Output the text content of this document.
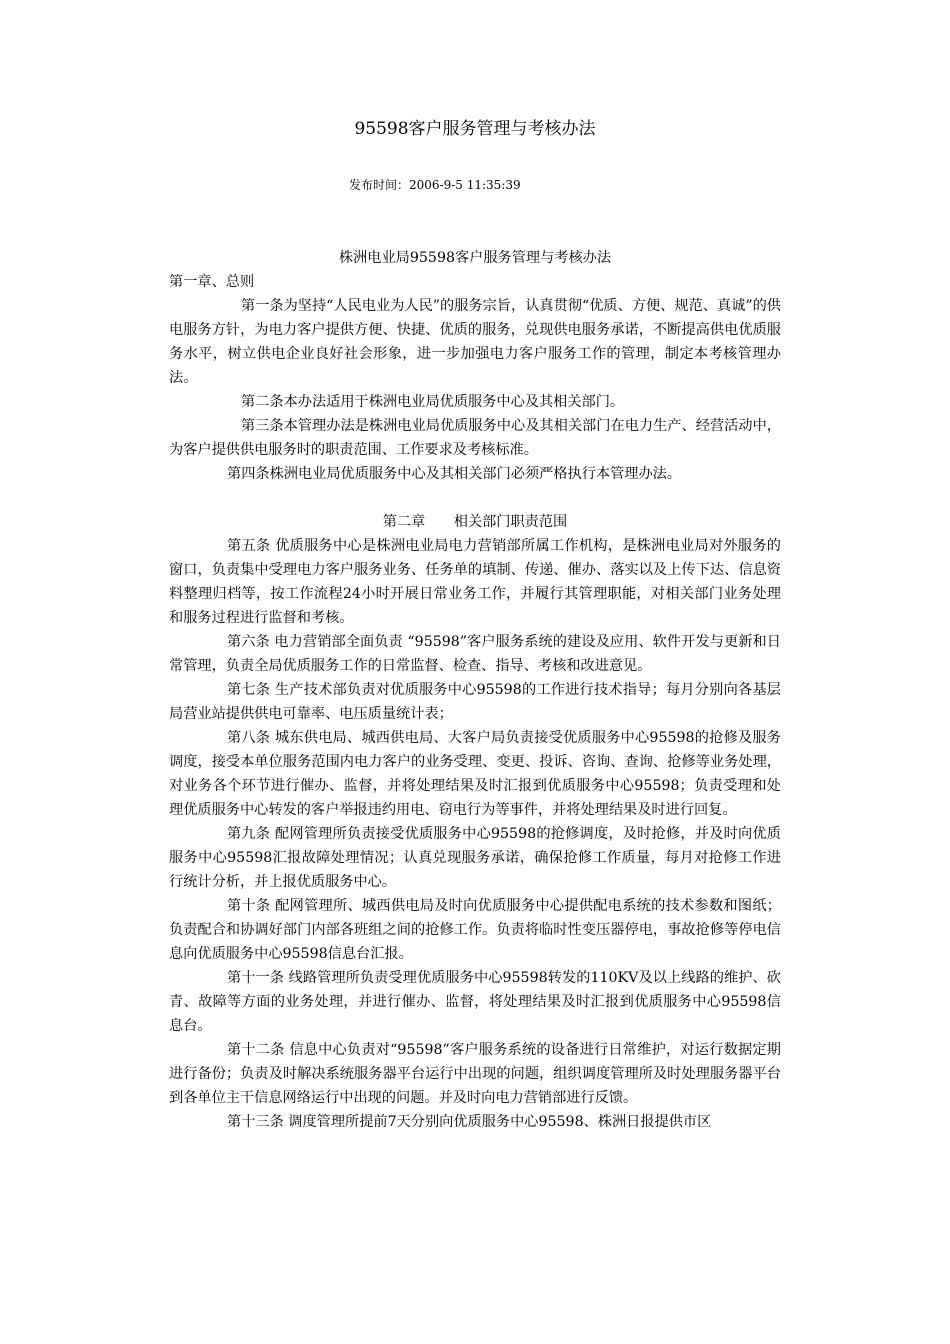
95598客户服务管理与考核办法
发布时间：2006-9-5 11:35:39

株洲电业局95598客户服务管理与考核办法

第一章、总则

第一条为坚持“人民电业为人民”的服务宗旨，认真贯彻“优质、方便、规范、真诚”的供电服务方针，为电力客户提供方便、快捷、优质的服务，兑现供电服务承诺，不断提高供电优质服务水平，树立供电企业良好社会形象，进一步加强电力客户服务工作的管理，制定本考核管理办法。

第二条本办法适用于株洲电业局优质服务中心及其相关部门。

第三条本管理办法是株洲电业局优质服务中心及其相关部门在电力生产、经营活动中，为客户提供供电服务时的职责范围、工作要求及考核标准。

第四条株洲电业局优质服务中心及其相关部门必须严格执行本管理办法。

第二章　　相关部门职责范围

第五条 优质服务中心是株洲电业局电力营销部所属工作机构，是株洲电业局对外服务的窗口，负责集中受理电力客户服务业务、任务单的填制、传递、催办、落实以及上传下达、信息资料整理归档等，按工作流程24小时开展日常业务工作，并履行其管理职能，对相关部门业务处理和服务过程进行监督和考核。

第六条 电力营销部全面负责 “95598”客户服务系统的建设及应用、软件开发与更新和日常管理，负责全局优质服务工作的日常监督、检查、指导、考核和改进意见。

第七条 生产技术部负责对优质服务中心95598的工作进行技术指导；每月分别向各基层局营业站提供供电可靠率、电压质量统计表；

第八条 城东供电局、城西供电局、大客户局负责接受优质服务中心95598的抢修及服务调度，接受本单位服务范围内电力客户的业务受理、变更、投诉、咨询、查询、抢修等业务处理，对业务各个环节进行催办、监督，并将处理结果及时汇报到优质服务中心95598；负责受理和处理优质服务中心转发的客户举报违约用电、窃电行为等事件，并将处理结果及时进行回复。

第九条 配网管理所负责接受优质服务中心95598的抢修调度，及时抢修，并及时向优质服务中心95598汇报故障处理情况；认真兑现服务承诺，确保抢修工作质量，每月对抢修工作进行统计分析，并上报优质服务中心。

第十条 配网管理所、城西供电局及时向优质服务中心提供配电系统的技术参数和图纸；负责配合和协调好部门内部各班组之间的抢修工作。负责将临时性变压器停电，事故抢修等停电信息向优质服务中心95598信息台汇报。

第十一条 线路管理所负责受理优质服务中心95598转发的110KV及以上线路的维护、砍青、故障等方面的业务处理，并进行催办、监督，将处理结果及时汇报到优质服务中心95598信息台。

第十二条 信息中心负责对“95598”客户服务系统的设备进行日常维护，对运行数据定期进行备份；负责及时解决系统服务器平台运行中出现的问题，组织调度管理所及时处理服务器平台到各单位主干信息网络运行中出现的问题。并及时向电力营销部进行反馈。

第十三条 调度管理所提前7天分别向优质服务中心95598、株洲日报提供市区
